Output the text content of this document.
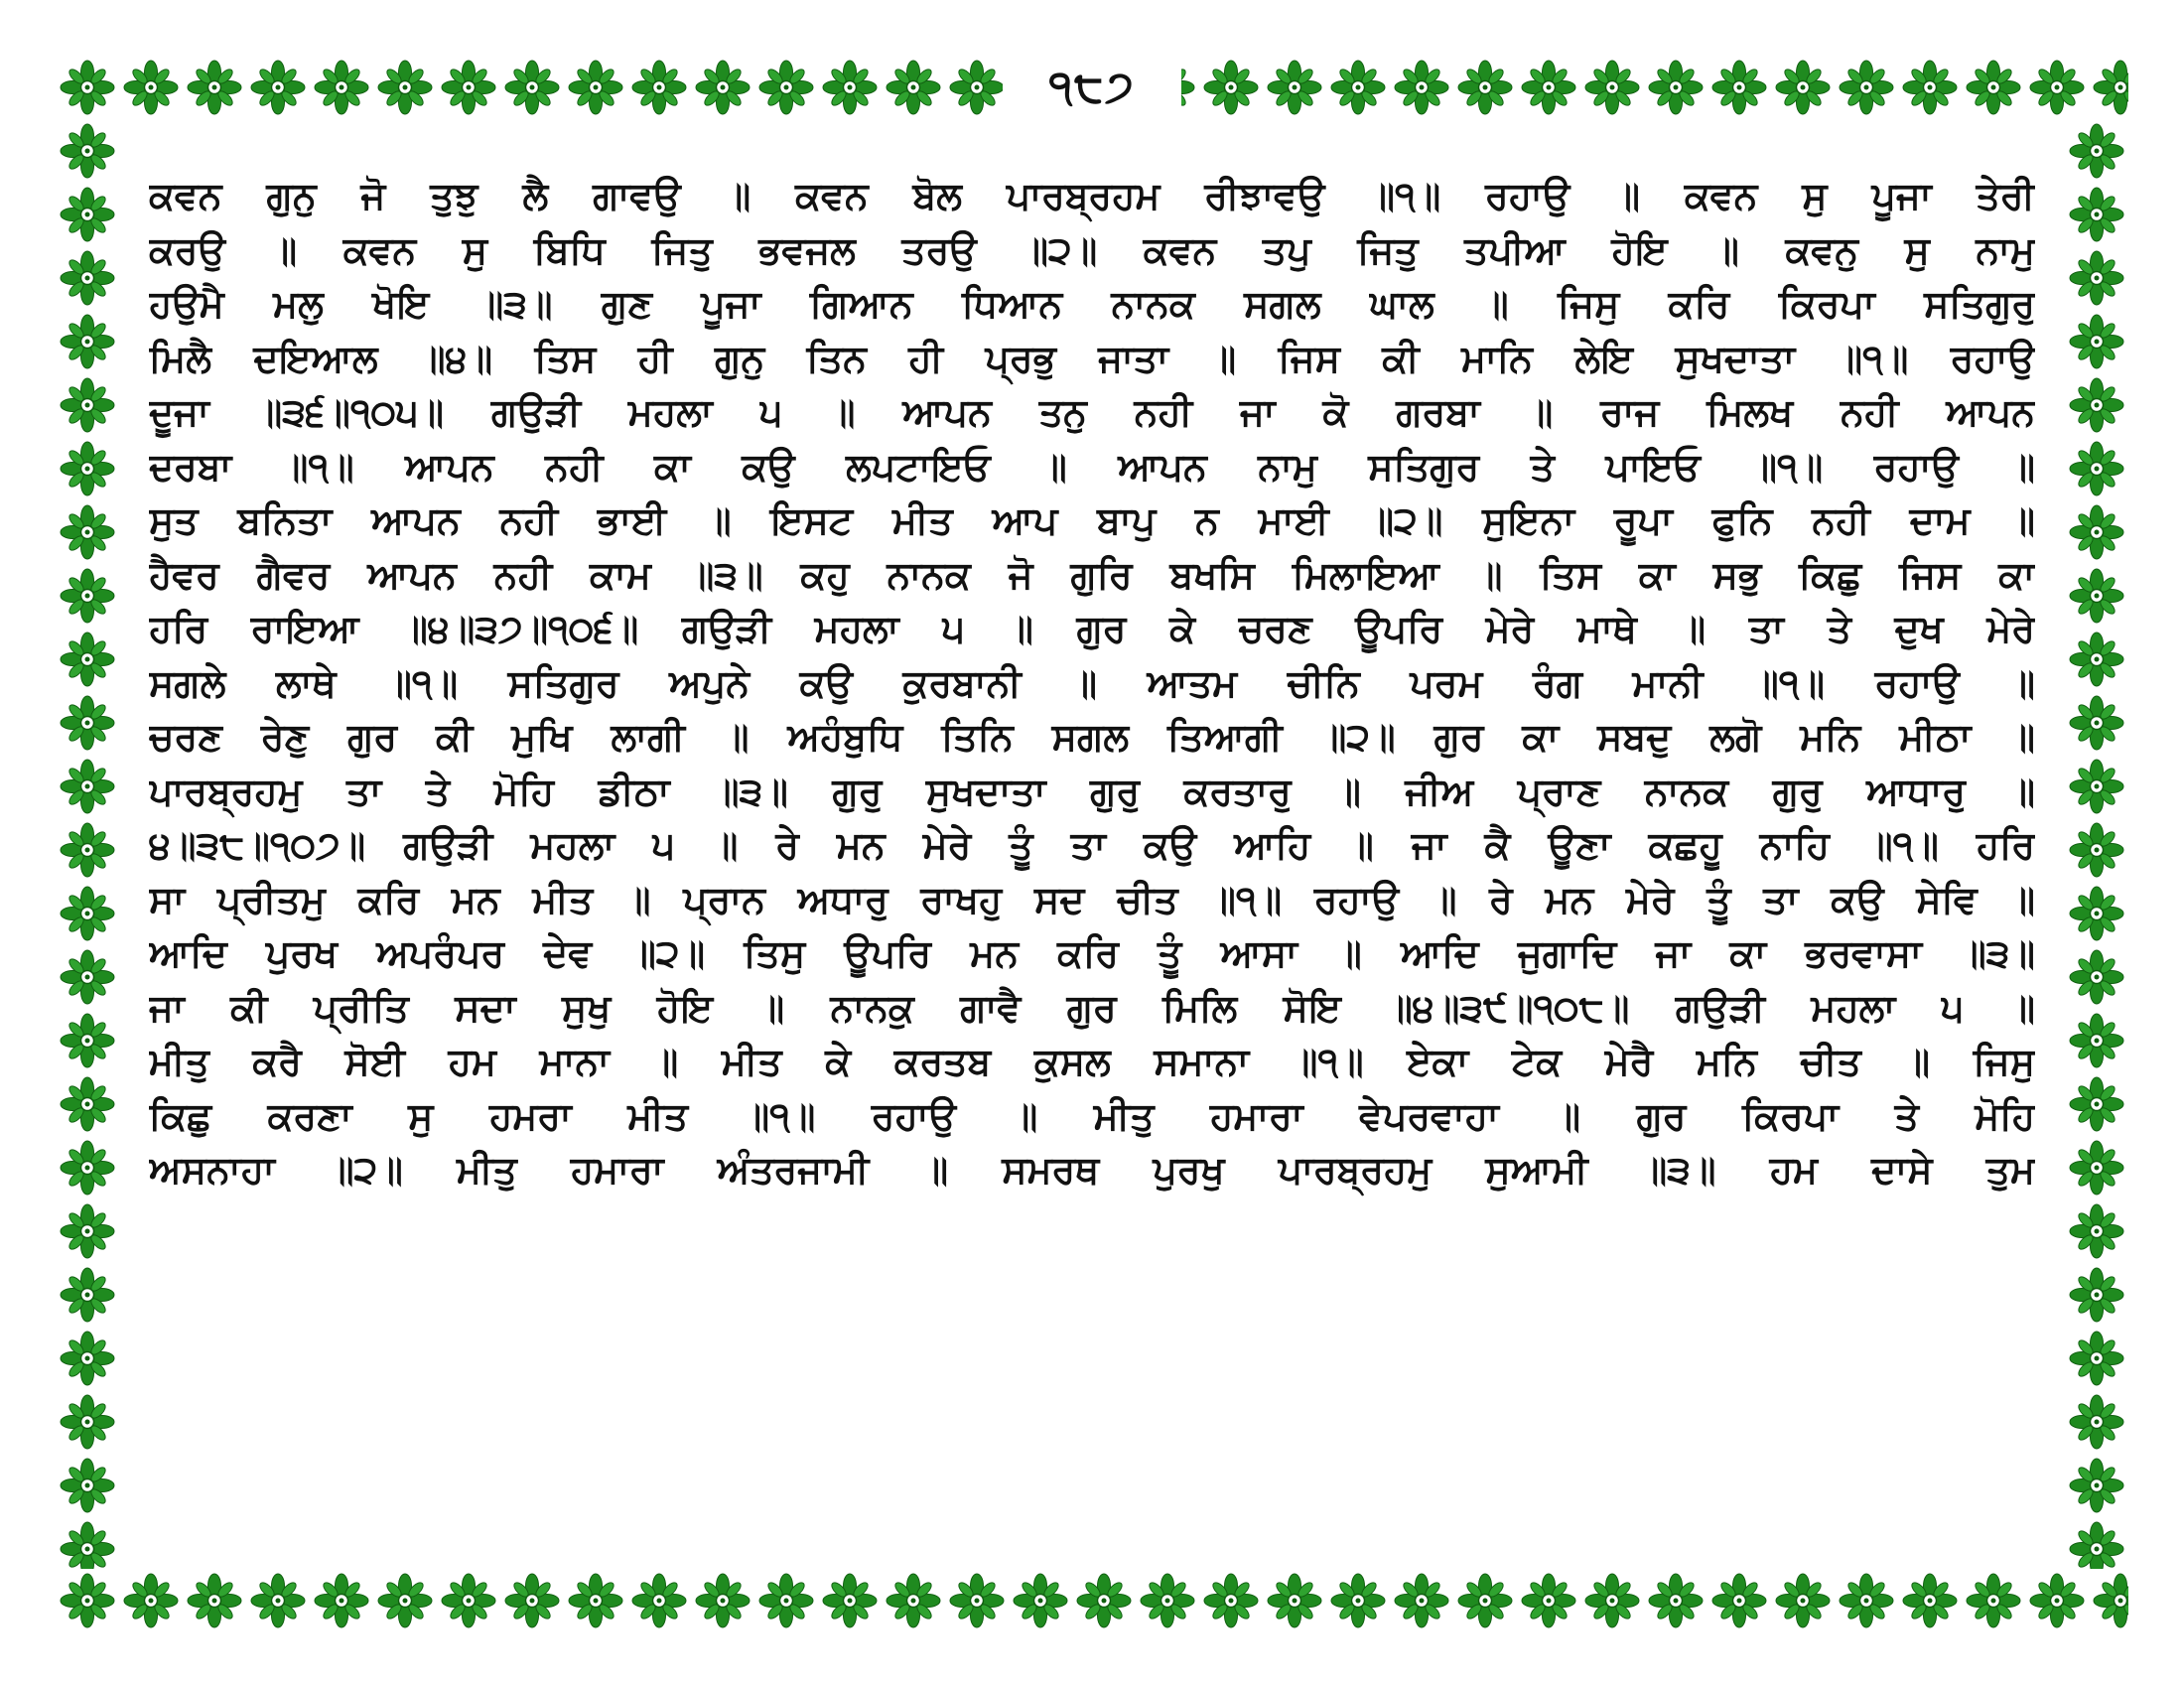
੧੮੭
ਕਵਨ ਗੁਨੁ ਜੋ ਤੁਝੁ ਲੈ ਗਾਵਉ ॥ ਕਵਨ ਬੋਲ ਪਾਰਬ੍ਰਹਮ ਰੀਝਾਵਉ ॥੧॥ ਰਹਾਉ ॥ ਕਵਨ ਸੁ ਪੂਜਾ ਤੇਰੀ
ਕਰਉ ॥ ਕਵਨ ਸੁ ਬਿਧਿ ਜਿਤੁ ਭਵਜਲ ਤਰਉ ॥੨॥ ਕਵਨ ਤਪੁ ਜਿਤੁ ਤਪੀਆ ਹੋਇ ॥ ਕਵਨੁ ਸੁ ਨਾਮੁ
ਹਉਮੈ ਮਲੁ ਖੋਇ ॥੩॥ ਗੁਣ ਪੂਜਾ ਗਿਆਨ ਧਿਆਨ ਨਾਨਕ ਸਗਲ ਘਾਲ ॥ ਜਿਸੁ ਕਰਿ ਕਿਰਪਾ ਸਤਿਗੁਰੁ
ਮਿਲੈ ਦਇਆਲ ॥੪॥ ਤਿਸ ਹੀ ਗੁਨੁ ਤਿਨ ਹੀ ਪ੍ਰਭੁ ਜਾਤਾ ॥ ਜਿਸ ਕੀ ਮਾਨਿ ਲੇਇ ਸੁਖਦਾਤਾ ॥੧॥ ਰਹਾਉ
ਦੂਜਾ ॥੩੬॥੧੦੫॥ ਗਉੜੀ ਮਹਲਾ ੫ ॥ ਆਪਨ ਤਨੁ ਨਹੀ ਜਾ ਕੋ ਗਰਬਾ ॥ ਰਾਜ ਮਿਲਖ ਨਹੀ ਆਪਨ
ਦਰਬਾ ॥੧॥ ਆਪਨ ਨਹੀ ਕਾ ਕਉ ਲਪਟਾਇਓ ॥ ਆਪਨ ਨਾਮੁ ਸਤਿਗੁਰ ਤੇ ਪਾਇਓ ॥੧॥ ਰਹਾਉ ॥
ਸੁਤ ਬਨਿਤਾ ਆਪਨ ਨਹੀ ਭਾਈ ॥ ਇਸਟ ਮੀਤ ਆਪ ਬਾਪੁ ਨ ਮਾਈ ॥੨॥ ਸੁਇਨਾ ਰੂਪਾ ਫੁਨਿ ਨਹੀ ਦਾਮ ॥
ਹੈਵਰ ਗੈਵਰ ਆਪਨ ਨਹੀ ਕਾਮ ॥੩॥ ਕਹੁ ਨਾਨਕ ਜੋ ਗੁਰਿ ਬਖਸਿ ਮਿਲਾਇਆ ॥ ਤਿਸ ਕਾ ਸਭੁ ਕਿਛੁ ਜਿਸ ਕਾ
ਹਰਿ ਰਾਇਆ ॥੪॥੩੭॥੧੦੬॥ ਗਉੜੀ ਮਹਲਾ ੫ ॥ ਗੁਰ ਕੇ ਚਰਣ ਊਪਰਿ ਮੇਰੇ ਮਾਥੇ ॥ ਤਾ ਤੇ ਦੁਖ ਮੇਰੇ
ਸਗਲੇ ਲਾਥੇ ॥੧॥ ਸਤਿਗੁਰ ਅਪੁਨੇ ਕਉ ਕੁਰਬਾਨੀ ॥ ਆਤਮ ਚੀਨਿ ਪਰਮ ਰੰਗ ਮਾਨੀ ॥੧॥ ਰਹਾਉ ॥
ਚਰਣ ਰੇਣੁ ਗੁਰ ਕੀ ਮੁਖਿ ਲਾਗੀ ॥ ਅਹੰਬੁਧਿ ਤਿਨਿ ਸਗਲ ਤਿਆਗੀ ॥੨॥ ਗੁਰ ਕਾ ਸਬਦੁ ਲਗੋ ਮਨਿ ਮੀਠਾ ॥
ਪਾਰਬ੍ਰਹਮੁ ਤਾ ਤੇ ਮੋਹਿ ਡੀਠਾ ॥੩॥ ਗੁਰੁ ਸੁਖਦਾਤਾ ਗੁਰੁ ਕਰਤਾਰੁ ॥ ਜੀਅ ਪ੍ਰਾਣ ਨਾਨਕ ਗੁਰੁ ਆਧਾਰੁ ॥
੪॥੩੮॥੧੦੭॥ ਗਉੜੀ ਮਹਲਾ ੫ ॥ ਰੇ ਮਨ ਮੇਰੇ ਤੂੰ ਤਾ ਕਉ ਆਹਿ ॥ ਜਾ ਕੈ ਊਣਾ ਕਛਹੂ ਨਾਹਿ ॥੧॥ ਹਰਿ
ਸਾ ਪ੍ਰੀਤਮੁ ਕਰਿ ਮਨ ਮੀਤ ॥ ਪ੍ਰਾਨ ਅਧਾਰੁ ਰਾਖਹੁ ਸਦ ਚੀਤ ॥੧॥ ਰਹਾਉ ॥ ਰੇ ਮਨ ਮੇਰੇ ਤੂੰ ਤਾ ਕਉ ਸੇਵਿ ॥
ਆਦਿ ਪੁਰਖ ਅਪਰੰਪਰ ਦੇਵ ॥੨॥ ਤਿਸੁ ਊਪਰਿ ਮਨ ਕਰਿ ਤੂੰ ਆਸਾ ॥ ਆਦਿ ਜੁਗਾਦਿ ਜਾ ਕਾ ਭਰਵਾਸਾ ॥੩॥
ਜਾ ਕੀ ਪ੍ਰੀਤਿ ਸਦਾ ਸੁਖੁ ਹੋਇ ॥ ਨਾਨਕੁ ਗਾਵੈ ਗੁਰ ਮਿਲਿ ਸੋਇ ॥੪॥੩੯॥੧੦੮॥ ਗਉੜੀ ਮਹਲਾ ੫ ॥
ਮੀਤੁ ਕਰੈ ਸੋਈ ਹਮ ਮਾਨਾ ॥ ਮੀਤ ਕੇ ਕਰਤਬ ਕੁਸਲ ਸਮਾਨਾ ॥੧॥ ਏਕਾ ਟੇਕ ਮੇਰੈ ਮਨਿ ਚੀਤ ॥ ਜਿਸੁ
ਕਿਛੁ ਕਰਣਾ ਸੁ ਹਮਰਾ ਮੀਤ ॥੧॥ ਰਹਾਉ ॥ ਮੀਤੁ ਹਮਾਰਾ ਵੇਪਰਵਾਹਾ ॥ ਗੁਰ ਕਿਰਪਾ ਤੇ ਮੋਹਿ
ਅਸਨਾਹਾ ॥੨॥ ਮੀਤੁ ਹਮਾਰਾ ਅੰਤਰਜਾਮੀ ॥ ਸਮਰਥ ਪੁਰਖੁ ਪਾਰਬ੍ਰਹਮੁ ਸੁਆਮੀ ॥੩॥ ਹਮ ਦਾਸੇ ਤੁਮ
